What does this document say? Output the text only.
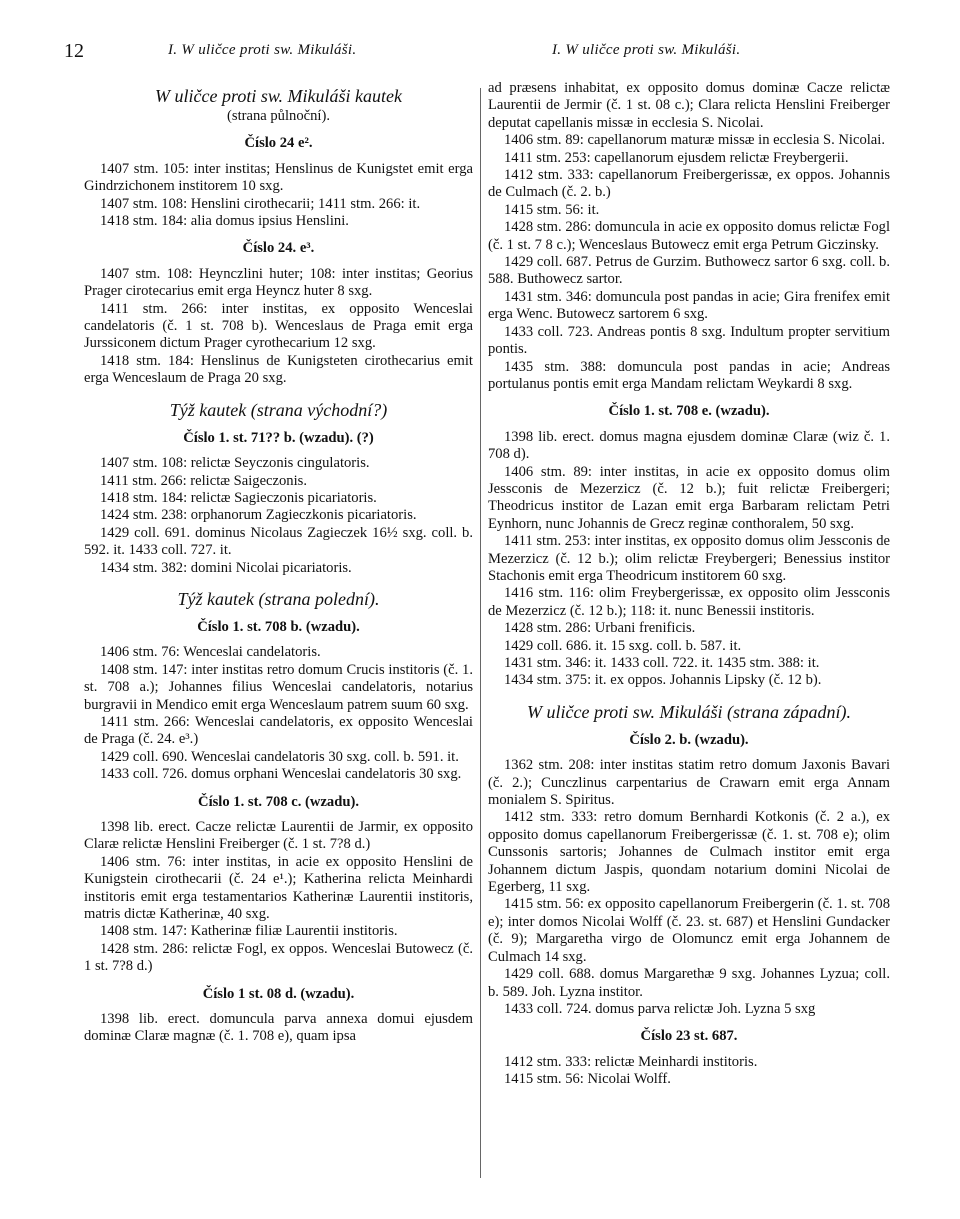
12	I. W uličce proti sw. Mikuláši.	I. W uličce proti sw. Mikuláši.
W uličce proti sw. Mikuláši kautek
(strana půlnoční).
Číslo 24 e².

1407 stm. 105: inter institas; Henslinus de Kunigstet emit erga Gindrzichonem institorem 10 sxg.

1407 stm. 108: Henslini cirothecarii; 1411 stm. 266: it.

1418 stm. 184: alia domus ipsius Henslini.

Číslo 24. e³.

1407 stm. 108: Heynczlini huter; 108: inter institas; Georius Prager cirotecarius emit erga Heyncz huter 8 sxg.

1411 stm. 266: inter institas, ex opposito Wenceslai candelatoris (č. 1 st. 708 b). Wenceslaus de Praga emit erga Jurssiconem dictum Prager cyrothecarium 12 sxg.

1418 stm. 184: Henslinus de Kunigsteten cirothecarius emit erga Wenceslaum de Praga 20 sxg.

Týž kautek (strana východní?)
Číslo 1. st. 71?? b. (wzadu). (?)

1407 stm. 108: relictæ Seyczonis cingulatoris.

1411 stm. 266: relictæ Saigeczonis.

1418 stm. 184: relictæ Sagieczonis picariatoris.

1424 stm. 238: orphanorum Zagieczkonis picariatoris.

1429 coll. 691. dominus Nicolaus Zagieczek 16½ sxg. coll. b. 592. it. 1433 coll. 727. it.

1434 stm. 382: domini Nicolai picariatoris.

Týž kautek (strana polední).
Číslo 1. st. 708 b. (wzadu).

1406 stm. 76: Wenceslai candelatoris.

1408 stm. 147: inter institas retro domum Crucis institoris (č. 1. st. 708 a.); Johannes filius Wenceslai candelatoris, notarius burgravii in Mendico emit erga Wenceslaum patrem suum 60 sxg.

1411 stm. 266: Wenceslai candelatoris, ex opposito Wenceslai de Praga (č. 24. e³.)

1429 coll. 690. Wenceslai candelatoris 30 sxg. coll. b. 591. it.

1433 coll. 726. domus orphani Wenceslai candelatoris 30 sxg.

Číslo 1. st. 708 c. (wzadu).

1398 lib. erect. Cacze relictæ Laurentii de Jarmir, ex opposito Claræ relictæ Henslini Freiberger (č. 1 st. 7?8 d.)

1406 stm. 76: inter institas, in acie ex opposito Henslini de Kunigstein cirothecarii (č. 24 e¹.); Katherina relicta Meinhardi institoris emit erga testamentarios Katherinæ Laurentii institoris, matris dictæ Katherinæ, 40 sxg.

1408 stm. 147: Katherinæ filiæ Laurentii institoris.

1428 stm. 286: relictæ Fogl, ex oppos. Wenceslai Butowecz (č. 1 st. 7?8 d.)

Číslo 1 st. 08 d. (wzadu).

1398 lib. erect. domuncula parva annexa domui ejusdem dominæ Claræ magnæ (č. 1. 708 e), quam ipsa

ad præsens inhabitat, ex opposito domus dominæ Cacze relictæ Laurentii de Jermir (č. 1 st. 08 c.); Clara relicta Henslini Freiberger deputat capellanis missæ in ecclesia S. Nicolai.

1406 stm. 89: capellanorum maturæ missæ in ecclesia S. Nicolai.

1411 stm. 253: capellanorum ejusdem relictæ Freybergerii.

1412 stm. 333: capellanorum Freibergerissæ, ex oppos. Johannis de Culmach (č. 2. b.)

1415 stm. 56: it.

1428 stm. 286: domuncula in acie ex opposito domus relictæ Fogl (č. 1 st. 7 8 c.); Wenceslaus Butowecz emit erga Petrum Giczinsky.

1429 coll. 687. Petrus de Gurzim. Buthowecz sartor 6 sxg. coll. b. 588. Buthowecz sartor.

1431 stm. 346: domuncula post pandas in acie; Gira frenifex emit erga Wenc. Butowecz sartorem 6 sxg.

1433 coll. 723. Andreas pontis 8 sxg. Indultum propter servitium pontis.

1435 stm. 388: domuncula post pandas in acie; Andreas portulanus pontis emit erga Mandam relictam Weykardi 8 sxg.

Číslo 1. st. 708 e. (wzadu).

1398 lib. erect. domus magna ejusdem dominæ Claræ (wiz č. 1. 708 d).

1406 stm. 89: inter institas, in acie ex opposito domus olim Jessconis de Mezerzicz (č. 12 b.); fuit relictæ Freibergeri; Theodricus institor de Lazan emit erga Barbaram relictam Petri Eynhorn, nunc Johannis de Grecz reginæ conthoralem, 50 sxg.

1411 stm. 253: inter institas, ex opposito domus olim Jessconis de Mezerzicz (č. 12 b.); olim relictæ Freybergeri; Benessius institor Stachonis emit erga Theodricum institorem 60 sxg.

1416 stm. 116: olim Freybergerissæ, ex opposito olim Jessconis de Mezerzicz (č. 12 b.); 118: it. nunc Benessii institoris.

1428 stm. 286: Urbani frenificis.

1429 coll. 686. it. 15 sxg. coll. b. 587. it.

1431 stm. 346: it. 1433 coll. 722. it. 1435 stm. 388: it.

1434 stm. 375: it. ex oppos. Johannis Lipsky (č. 12 b).

W uličce proti sw. Mikuláši (strana západní).
Číslo 2. b. (wzadu).

1362 stm. 208: inter institas statim retro domum Jaxonis Bavari (č. 2.); Cunczlinus carpentarius de Crawarn emit erga Annam monialem S. Spiritus.

1412 stm. 333: retro domum Bernhardi Kotkonis (č. 2 a.), ex opposito domus capellanorum Freibergerissæ (č. 1. st. 708 e); olim Cunssonis sartoris; Johannes de Culmach institor emit erga Johannem dictum Jaspis, quondam notarium domini Nicolai de Egerberg, 11 sxg.

1415 stm. 56: ex opposito capellanorum Freibergerin (č. 1. st. 708 e); inter domos Nicolai Wolff (č. 23. st. 687) et Henslini Gundacker (č. 9); Margaretha virgo de Olomuncz emit erga Johannem de Culmach 14 sxg.

1429 coll. 688. domus Margarethæ 9 sxg. Johannes Lyzua; coll. b. 589. Joh. Lyzna institor.

1433 coll. 724. domus parva relictæ Joh. Lyzna 5 sxg

Číslo 23 st. 687.

1412 stm. 333: relictæ Meinhardi institoris.

1415 stm. 56: Nicolai Wolff.
